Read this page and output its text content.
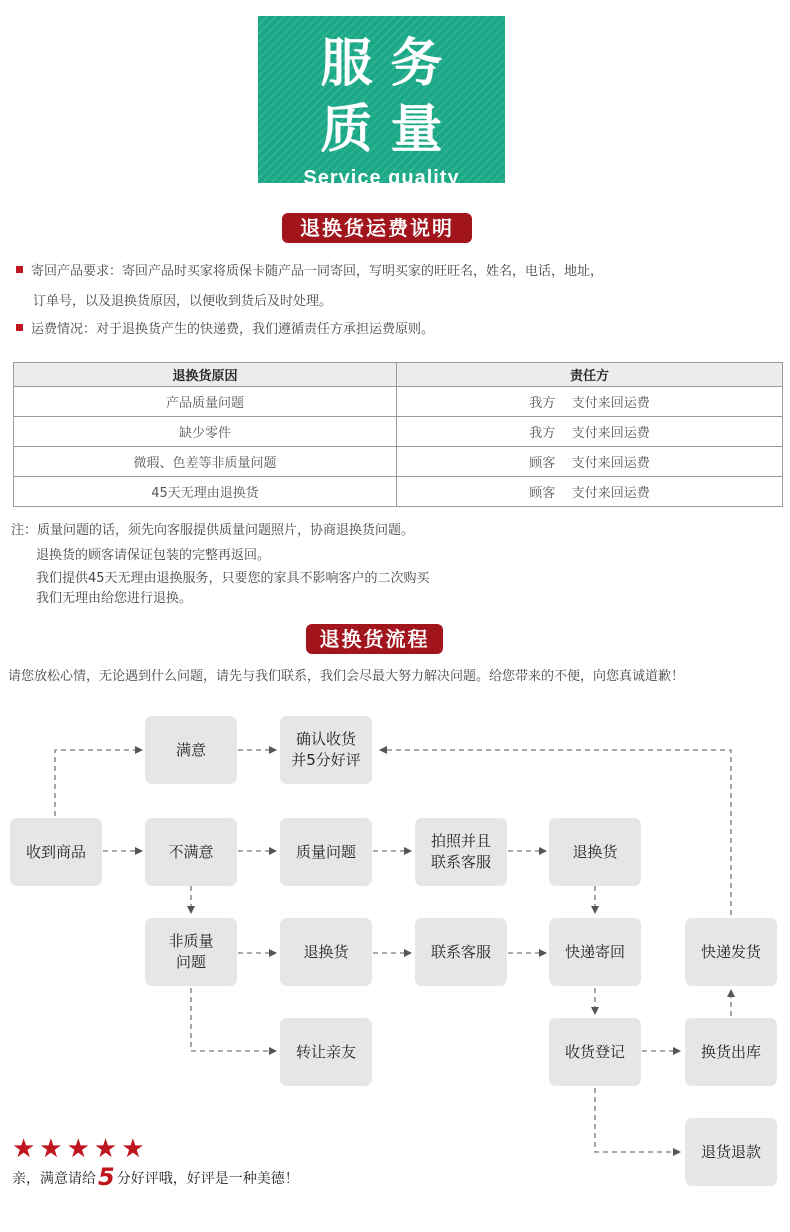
服务
质量
Service quality
退换货运费说明
寄回产品要求：寄回产品时买家将质保卡随产品一同寄回，写明买家的旺旺名，姓名，电话，地址，
订单号，以及退换货原因，以便收到货后及时处理。
运费情况：对于退换货产生的快递费，我们遵循责任方承担运费原则。
退换货原因	责任方
产品质量问题	我方 支付来回运费
缺少零件	我方 支付来回运费
微瑕、色差等非质量问题	顾客 支付来回运费
45天无理由退换货	顾客 支付来回运费
注：质量问题的话，须先向客服提供质量问题照片，协商退换货问题。
退换货的顾客请保证包装的完整再返回。
我们提供45天无理由退换服务，只要您的家具不影响客户的二次购买
我们无理由给您进行退换。
退换货流程
请您放松心情，无论遇到什么问题，请先与我们联系，我们会尽最大努力解决问题。给您带来的不便，向您真诚道歉！
满意
确认收货
并5分好评
收到商品	不满意	质量问题
拍照并且
联系客服
退换货
非质量
问题
退换货	联系客服	快递寄回	快递发货
转让亲友	收货登记	换货出库
退货退款
★★★★★
亲，满意请给5 分好评哦，好评是一种美德！
